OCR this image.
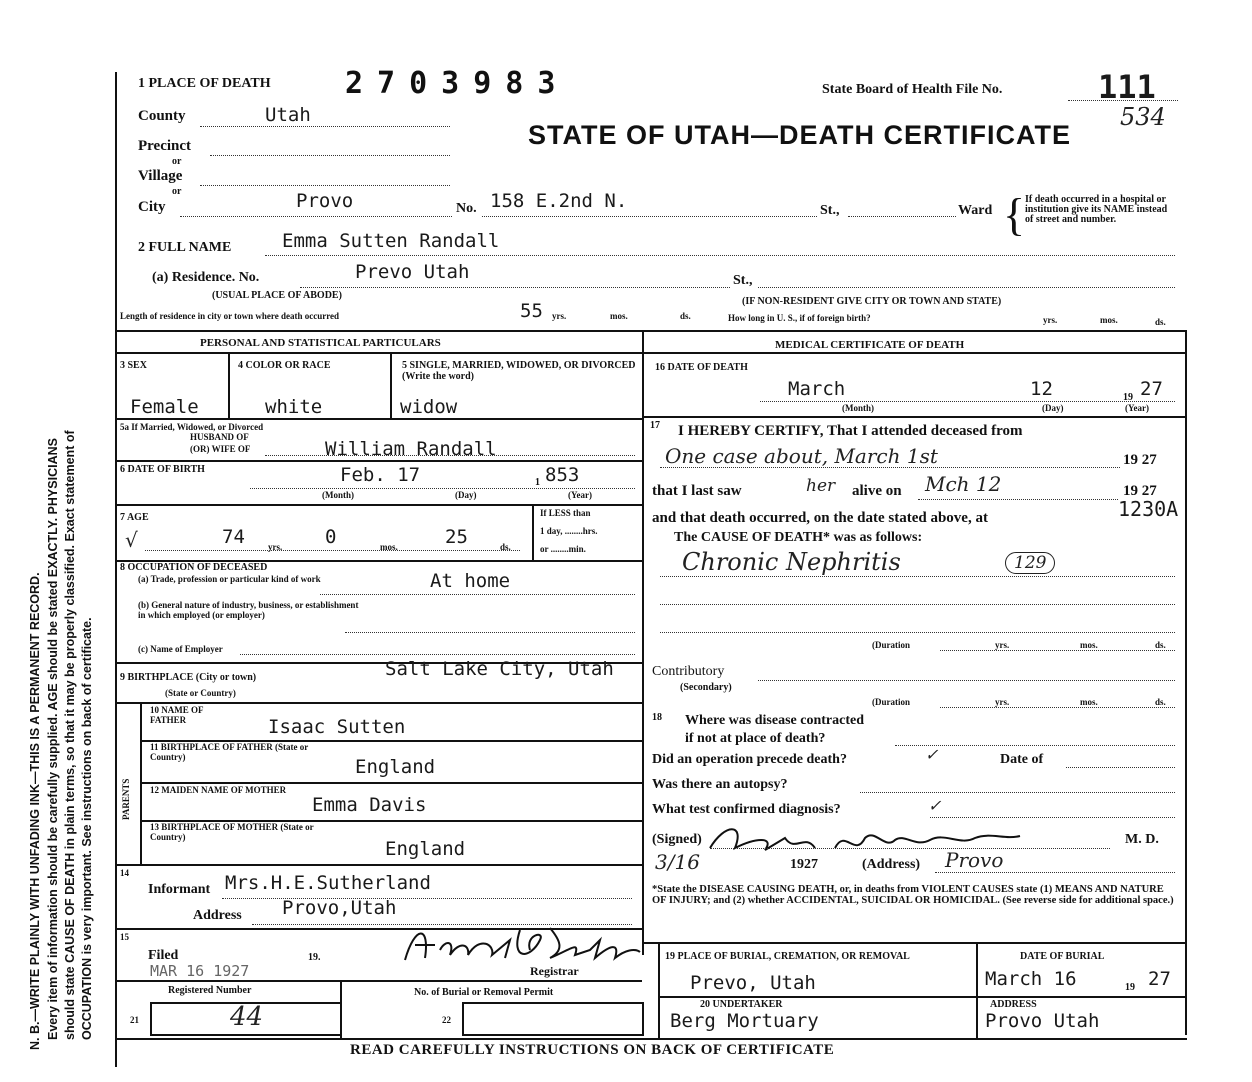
N. B.—WRITE PLAINLY WITH UNFADING INK—THIS IS A PERMANENT RECORD. Every item of information should be carefully supplied. AGE should be stated EXACTLY. PHYSICIANS should state CAUSE OF DEATH in plain terms, so that it may be properly classified. Exact statement of OCCUPATION is very important. See instructions on back of certificate.
1 PLACE OF DEATH 2703983	State Board of Health File No.	111
534
County	Utah
STATE OF UTAH—DEATH CERTIFICATE
Precinct
or
Village
or
City	Provo	No. 158 E.2nd N.	St.,	Ward { If death occurred in a hospital or institution give its NAME instead of street and number.
2 FULL NAME	Emma Sutten Randall
(a) Residence. No.	Prevo Utah	St.,
(USUAL PLACE OF ABODE)
(IF NON-RESIDENT GIVE CITY OR TOWN AND STATE)
Length of residence in city or town where death occurred	55 yrs.	mos.	ds.	How long in U. S., if of foreign birth?	yrs.	mos.	ds.
PERSONAL AND STATISTICAL PARTICULARS	MEDICAL CERTIFICATE OF DEATH
3 SEX
Female
4 COLOR OR RACE
white
5 SINGLE, MARRIED, WIDOWED, OR DIVORCED (Write the word)
widow
5a If Married, Widowed, or Divorced
HUSBAND OF
(OR) WIFE OF	William Randall
6 DATE OF BIRTH	Feb. 17	1 853
(Month)	(Day)	(Year)
7 AGE
√	74	yrs. 0	mos. 25	ds.
If LESS than
1 day, ........hrs.
or ........min.
8 OCCUPATION OF DECEASED
(a) Trade, profession or particular kind of work	At home
(b) General nature of industry, business, or establishment in which employed (or employer)
(c) Name of Employer
9 BIRTHPLACE (City or town)
(State or Country)
Salt Lake City, Utah
PARENTS
10 NAME OF FATHER	Isaac Sutten
11 BIRTHPLACE OF FATHER (State or Country)	England
12 MAIDEN NAME OF MOTHER
Emma Davis
13 BIRTHPLACE OF MOTHER (State or Country)
England
14
Informant Mrs.H.E.Sutherland
Address Provo,Utah
15
Filed	19.
MAR 16 1927	Registrar
Registered Number	No. of Burial or Removal Permit
21	44	22
16 DATE OF DEATH
March	12	19 27
(Month)	(Day)	(Year)
17 I HEREBY CERTIFY, That I attended deceased from
One case about, March 1st	19 27
that I last saw	her alive on Mch 12	19 27
and that death occurred, on the date stated above, at	1230A
The CAUSE OF DEATH* was as follows:
Chronic Nephritis	129
(Duration	yrs.	mos.	ds.
Contributory
(Secondary)
(Duration	yrs.	mos.	ds.
18 Where was disease contracted
if not at place of death?
Did an operation precede death?	✓	Date of
Was there an autopsy?
What test confirmed diagnosis?	✓
(Signed)	M. D.
3/16	1927	(Address) Provo
*State the DISEASE CAUSING DEATH, or, in deaths from VIOLENT CAUSES state (1) MEANS AND NATURE OF INJURY; and (2) whether ACCIDENTAL, SUICIDAL OR HOMICIDAL. (See reverse side for additional space.)
19 PLACE OF BURIAL, CREMATION, OR REMOVAL
Prevo, Utah
DATE OF BURIAL
March 16	19 27
20 UNDERTAKER
Berg Mortuary
ADDRESS
Provo Utah
READ CAREFULLY INSTRUCTIONS ON BACK OF CERTIFICATE
